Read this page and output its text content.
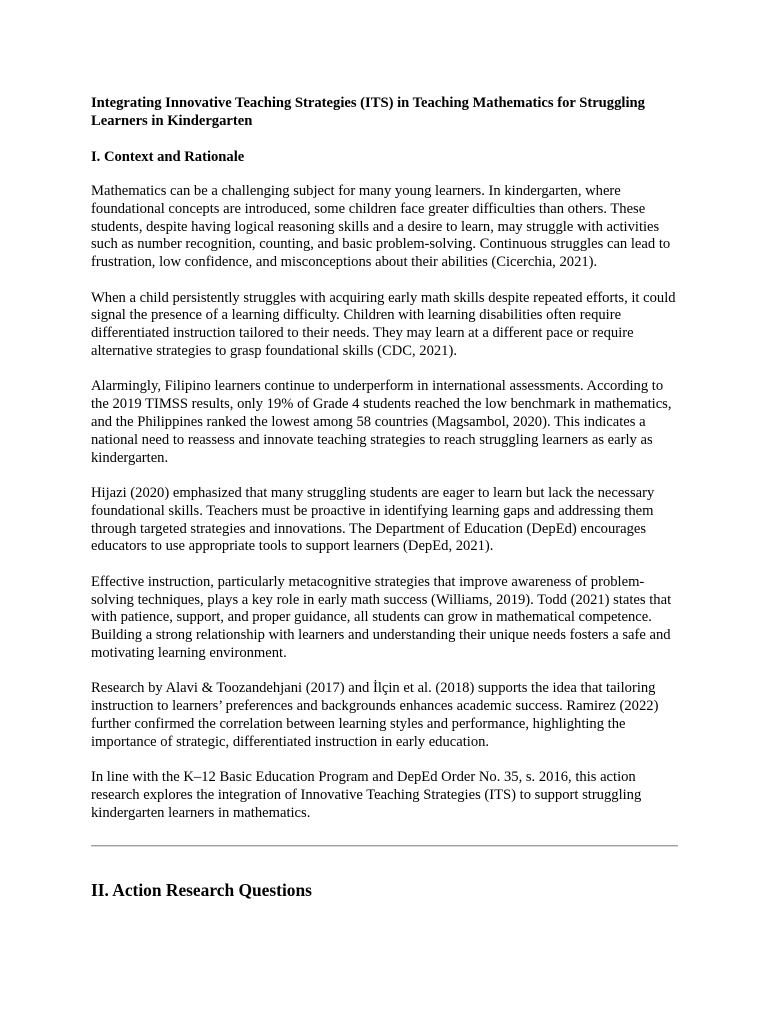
Integrating Innovative Teaching Strategies (ITS) in Teaching Mathematics for Struggling Learners in Kindergarten
I. Context and Rationale

Mathematics can be a challenging subject for many young learners. In kindergarten, where foundational concepts are introduced, some children face greater difficulties than others. These students, despite having logical reasoning skills and a desire to learn, may struggle with activities such as number recognition, counting, and basic problem-solving. Continuous struggles can lead to frustration, low confidence, and misconceptions about their abilities (Cicerchia, 2021).

When a child persistently struggles with acquiring early math skills despite repeated efforts, it could signal the presence of a learning difficulty. Children with learning disabilities often require differentiated instruction tailored to their needs. They may learn at a different pace or require alternative strategies to grasp foundational skills (CDC, 2021).

Alarmingly, Filipino learners continue to underperform in international assessments. According to the 2019 TIMSS results, only 19% of Grade 4 students reached the low benchmark in mathematics, and the Philippines ranked the lowest among 58 countries (Magsambol, 2020). This indicates a national need to reassess and innovate teaching strategies to reach struggling learners as early as kindergarten.

Hijazi (2020) emphasized that many struggling students are eager to learn but lack the necessary foundational skills. Teachers must be proactive in identifying learning gaps and addressing them through targeted strategies and innovations. The Department of Education (DepEd) encourages educators to use appropriate tools to support learners (DepEd, 2021).

Effective instruction, particularly metacognitive strategies that improve awareness of problem-solving techniques, plays a key role in early math success (Williams, 2019). Todd (2021) states that with patience, support, and proper guidance, all students can grow in mathematical competence. Building a strong relationship with learners and understanding their unique needs fosters a safe and motivating learning environment.

Research by Alavi & Toozandehjani (2017) and İlçin et al. (2018) supports the idea that tailoring instruction to learners’ preferences and backgrounds enhances academic success. Ramirez (2022) further confirmed the correlation between learning styles and performance, highlighting the importance of strategic, differentiated instruction in early education.

In line with the K–12 Basic Education Program and DepEd Order No. 35, s. 2016, this action research explores the integration of Innovative Teaching Strategies (ITS) to support struggling kindergarten learners in mathematics.

II. Action Research Questions
